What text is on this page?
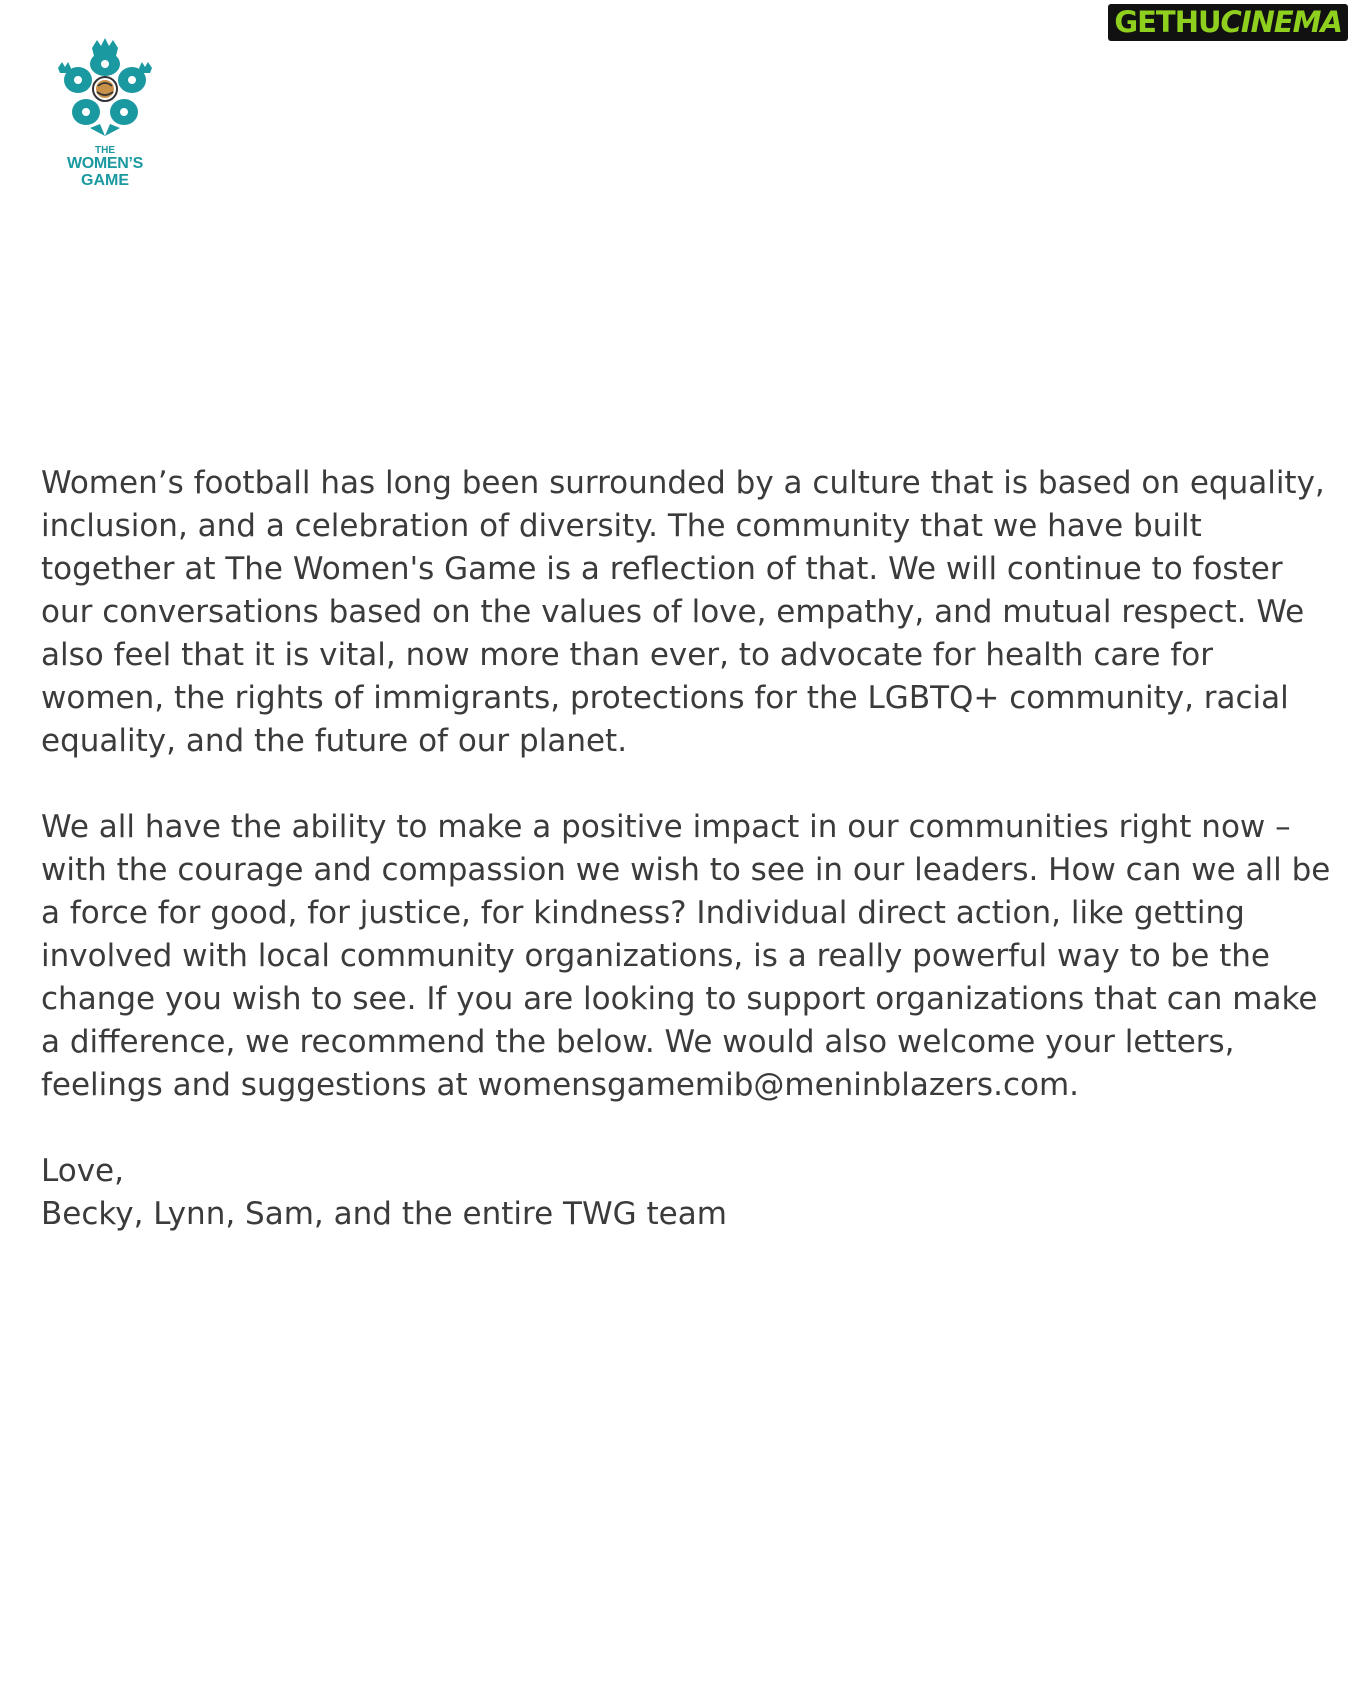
THE
WOMEN’S
GAME
GETHU CINEMA
Women’s football has long been surrounded by a culture that is based on equality,
inclusion, and a celebration of diversity. The community that we have built
together at The Women's Game is a reflection of that. We will continue to foster
our conversations based on the values of love, empathy, and mutual respect. We
also feel that it is vital, now more than ever, to advocate for health care for
women, the rights of immigrants, protections for the LGBTQ+ community, racial
equality, and the future of our planet.
We all have the ability to make a positive impact in our communities right now –
with the courage and compassion we wish to see in our leaders. How can we all be
a force for good, for justice, for kindness? Individual direct action, like getting
involved with local community organizations, is a really powerful way to be the
change you wish to see. If you are looking to support organizations that can make
a difference, we recommend the below. We would also welcome your letters,
feelings and suggestions at womensgamemib@meninblazers.com.
Love,
Becky, Lynn, Sam, and the entire TWG team
